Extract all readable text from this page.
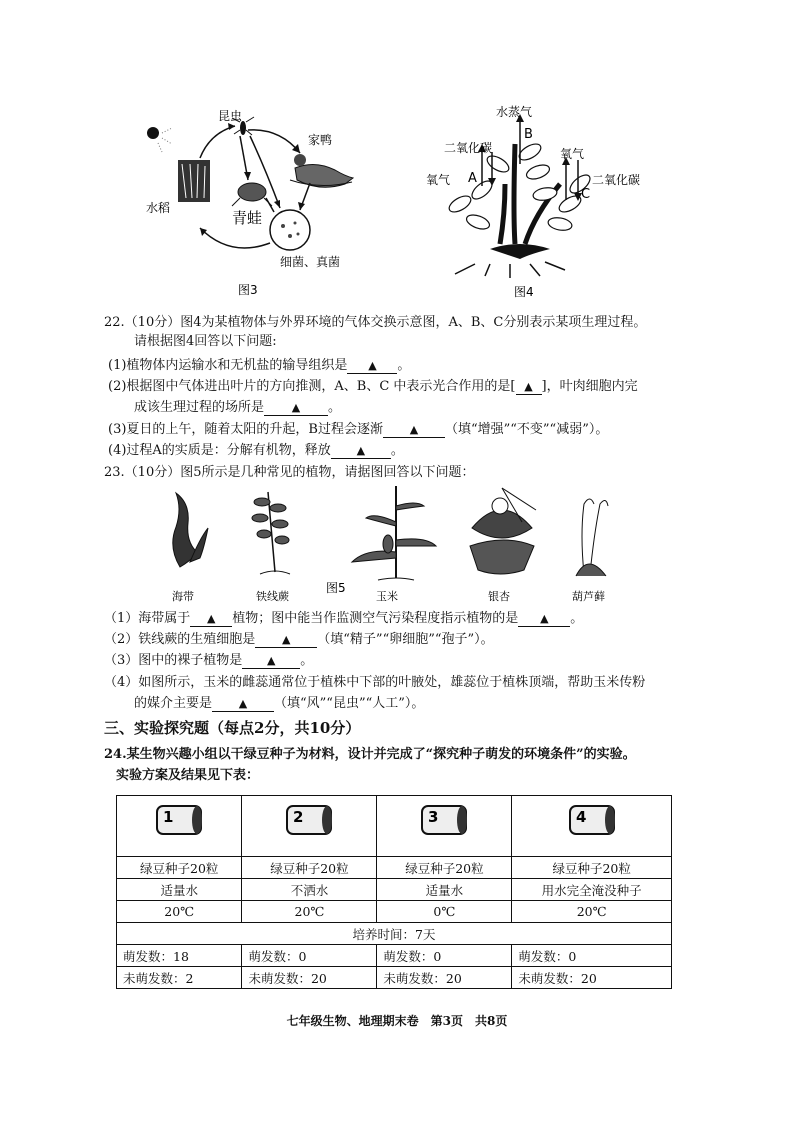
昆虫
家鸭
水稻
青蛙
细菌、真菌
图3
水蒸气
B
二氧化碳
氧气 A
氧气
二氧化碳
C
图4
22.（10分）图4为某植物体与外界环境的气体交换示意图，A、B、C分别表示某项生理过程。
请根据图4回答以下问题:
(1)植物体内运输水和无机盐的输导组织是 ▲ 。
(2)根据图中气体进出叶片的方向推测，A、B、C 中表示光合作用的是[ ▲ ]，叶肉细胞内完
成该生理过程的场所是	▲ 。
(3)夏日的上午，随着太阳的升起，B过程会逐渐 ▲ （填“增强”“不变”“减弱”）。
(4)过程A的实质是：分解有机物，释放 ▲ 。
23.（10分）图5所示是几种常见的植物，请据图回答以下问题：
海带	铁线蕨
图5
玉米	银杏	葫芦藓
（1）海带属于 ▲ 植物；图中能当作监测空气污染程度指示植物的是 ▲ 。
（2）铁线蕨的生殖细胞是 ▲ （填“精子”“卵细胞”“孢子”）。
（3）图中的裸子植物是 ▲ 。
（4）如图所示，玉米的雌蕊通常位于植株中下部的叶腋处，雄蕊位于植株顶端，帮助玉米传粉
的媒介主要是 ▲ （填“风”“昆虫”“人工”）。
三、实验探究题（每点2分，共10分）
24.某生物兴趣小组以干绿豆种子为材料，设计并完成了“探究种子萌发的环境条件”的实验。
实验方案及结果见下表：
1	2	3	4

绿豆种子20粒	绿豆种子20粒	绿豆种子20粒	绿豆种子20粒
适量水	不洒水	适量水	用水完全淹没种子
20℃	20℃	0℃	20℃
培养时间：7天			
萌发数：18	萌发数：0	萌发数：0	萌发数：0
未萌发数：2	未萌发数：20	未萌发数：20	未萌发数：20
七年级生物、地理期末卷　第3页　共8页
